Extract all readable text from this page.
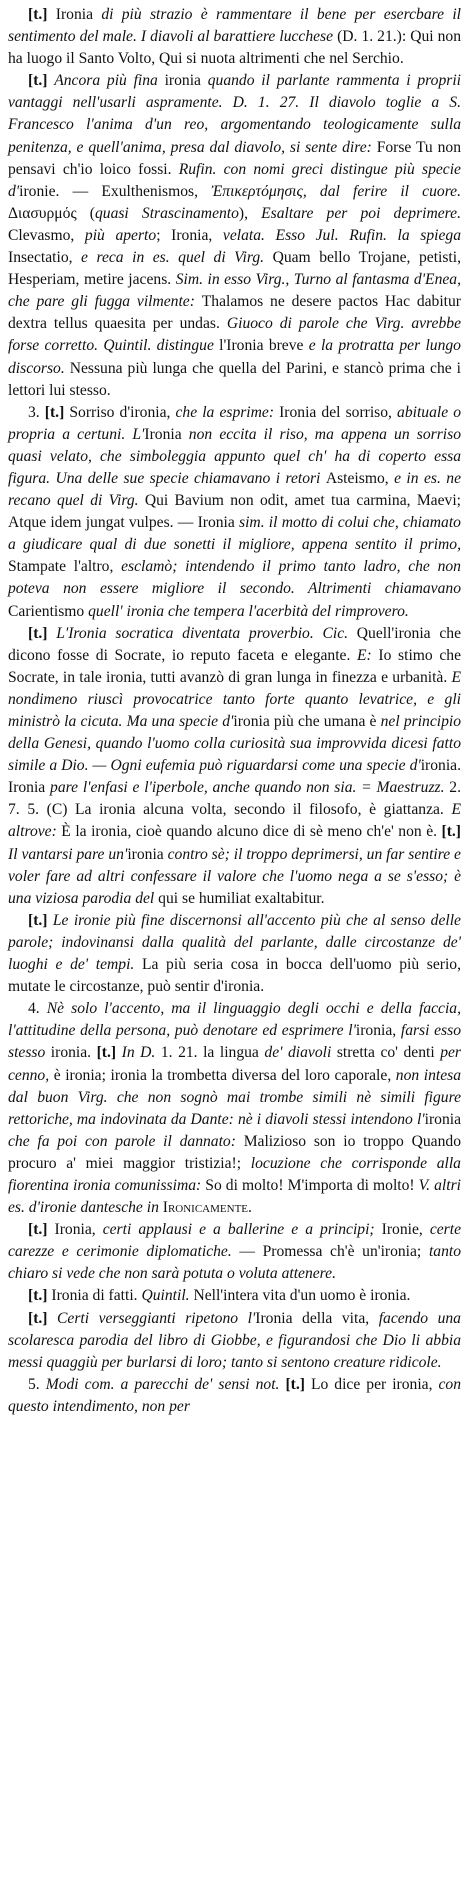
[t.] Ironia di più strazio è rammentare il bene per esercbare il sentimento del male. I diavoli al barattiere lucchese (D. 1. 21.): Qui non ha luogo il Santo Volto, Qui si nuota altrimenti che nel Serchio.

[t.] Ancora più fina ironia quando il parlante rammenta i proprii vantaggi nell'usarli aspramente. D. 1. 27. Il diavolo toglie a S. Francesco l'anima d'un reo, argomentando teologicamente sulla penitenza, e quell'anima, presa dal diavolo, si sente dire: Forse Tu non pensavi ch'io loico fossi. Rufin. con nomi greci distingue più specie d'ironie. — Exulthenismos, Ἐπικερτόμησις, dal ferire il cuore. Διασυρμός (quasi Strascinamento), Esaltare per poi deprimere. Clevasmo, più aperto; Ironia, velata. Esso Jul. Rufin. la spiega Insectatio, e reca in es. quel di Virg. Quam bello Trojane, petisti, Hesperiam, metire jacens. Sim. in esso Virg., Turno al fantasma d'Enea, che pare gli fugga vilmente: Thalamos ne desere pactos Hac dabitur dextra tellus quaesita per undas. Giuoco di parole che Virg. avrebbe forse corretto. Quintil. distingue l'Ironia breve e la protratta per lungo discorso. Nessuna più lunga che quella del Parini, e stancò prima che i lettori lui stesso.

3. [t.] Sorriso d'ironia, che la esprime: Ironia del sorriso, abituale o propria a certuni. L'Ironia non eccita il riso, ma appena un sorriso quasi velato, che simboleggia appunto quel ch' ha di coperto essa figura. Una delle sue specie chiamavano i retori Asteismo, e in es. ne recano quel di Virg. Qui Bavium non odit, amet tua carmina, Maevi; Atque idem jungat vulpes. — Ironia sim. il motto di colui che, chiamato a giudicare qual di due sonetti il migliore, appena sentito il primo, Stampate l'altro, esclamò; intendendo il primo tanto ladro, che non poteva non essere migliore il secondo. Altrimenti chiamavano Carientismo quell' ironia che tempera l'acerbità del rimprovero.

[t.] L'Ironia socratica diventata proverbio. Cic. Quell'ironia che dicono fosse di Socrate, io reputo faceta e elegante. E: Io stimo che Socrate, in tale ironia, tutti avanzò di gran lunga in finezza e urbanità. E nondimeno riuscì provocatrice tanto forte quanto levatrice, e gli ministrò la cicuta. Ma una specie d'ironia più che umana è nel principio della Genesi, quando l'uomo colla curiosità sua improvvida dicesi fatto simile a Dio. — Ogni eufemia può riguardarsi come una specie d'ironia. Ironia pare l'enfasi e l'iperbole, anche quando non sia. = Maestruzz. 2. 7. 5. (C) La ironia alcuna volta, secondo il filosofo, è giattanza. E altrove: È la ironia, cioè quando alcuno dice di sè meno ch'e' non è. [t.] Il vantarsi pare un'ironia contro sè; il troppo deprimersi, un far sentire e voler fare ad altri confessare il valore che l'uomo nega a se s'esso; è una viziosa parodia del qui se humiliat exaltabitur.

[t.] Le ironie più fine discernonsi all'accento più che al senso delle parole; indovinansi dalla qualità del parlante, dalle circostanze de' luoghi e de' tempi. La più seria cosa in bocca dell'uomo più serio, mutate le circostanze, può sentir d'ironia.

4. Nè solo l'accento, ma il linguaggio degli occhi e della faccia, l'attitudine della persona, può denotare ed esprimere l'ironia, farsi esso stesso ironia. [t.] In D. 1. 21. la lingua de' diavoli stretta co' denti per cenno, è ironia; ironia la trombetta diversa del loro caporale, non intesa dal buon Virg. che non sognò mai trombe simili nè simili figure rettoriche, ma indovinata da Dante: nè i diavoli stessi intendono l'ironia che fa poi con parole il dannato: Malizioso son io troppo Quando procuro a' miei maggior tristizia!; locuzione che corrisponde alla fiorentina ironia comunissima: So di molto! M'importa di molto! V. altri es. d'ironie dantesche in Ironicamente.

[t.] Ironia, certi applausi e a ballerine e a principi; Ironie, certe carezze e cerimonie diplomatiche. — Promessa ch'è un'ironia; tanto chiaro si vede che non sarà potuta o voluta attenere.

[t.] Ironia di fatti. Quintil. Nell'intera vita d'un uomo è ironia.

[t.] Certi verseggianti ripetono l'Ironia della vita, facendo una scolaresca parodia del libro di Giobbe, e figurandosi che Dio li abbia messi quaggiù per burlarsi di loro; tanto si sentono creature ridicole.

5. Modi com. a parecchi de' sensi not. [t.] Lo dice per ironia, con questo intendimento, non per
